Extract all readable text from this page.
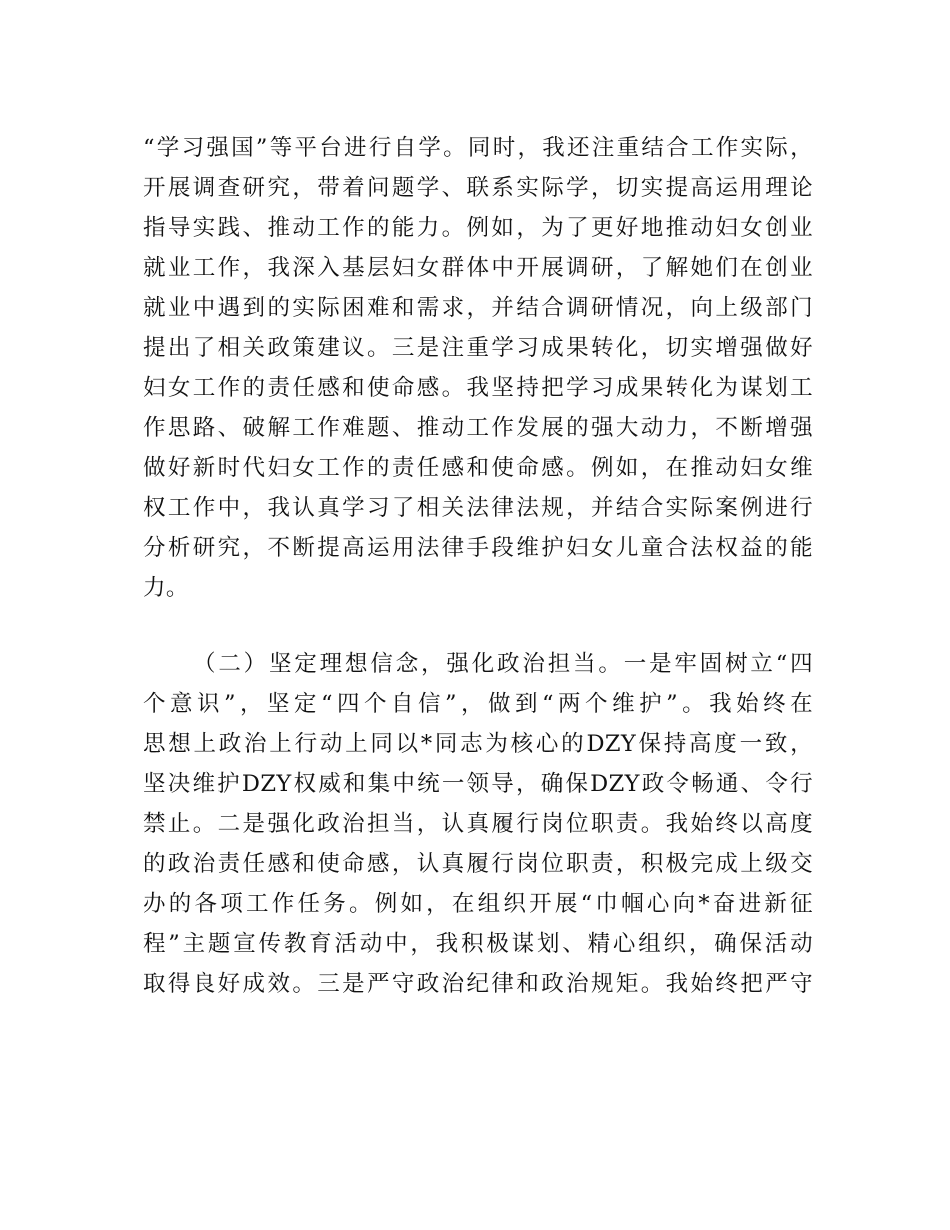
“学习强国”等平台进行自学。同时，我还注重结合工作实际，
开展调查研究，带着问题学、联系实际学，切实提高运用理论
指导实践、推动工作的能力。例如，为了更好地推动妇女创业
就业工作，我深入基层妇女群体中开展调研，了解她们在创业
就业中遇到的实际困难和需求，并结合调研情况，向上级部门
提出了相关政策建议。三是注重学习成果转化，切实增强做好
妇女工作的责任感和使命感。我坚持把学习成果转化为谋划工
作思路、破解工作难题、推动工作发展的强大动力，不断增强
做好新时代妇女工作的责任感和使命感。例如，在推动妇女维
权工作中，我认真学习了相关法律法规，并结合实际案例进行
分析研究，不断提高运用法律手段维护妇女儿童合法权益的能
力。
（二）坚定理想信念，强化政治担当。一是牢固树立“四
个意识”，坚定“四个自信”，做到“两个维护”。我始终在
思想上政治上行动上同以*同志为核心的DZY保持高度一致，
坚决维护DZY权威和集中统一领导，确保DZY政令畅通、令行
禁止。二是强化政治担当，认真履行岗位职责。我始终以高度
的政治责任感和使命感，认真履行岗位职责，积极完成上级交
办的各项工作任务。例如，在组织开展“巾帼心向*奋进新征
程”主题宣传教育活动中，我积极谋划、精心组织，确保活动
取得良好成效。三是严守政治纪律和政治规矩。我始终把严守
